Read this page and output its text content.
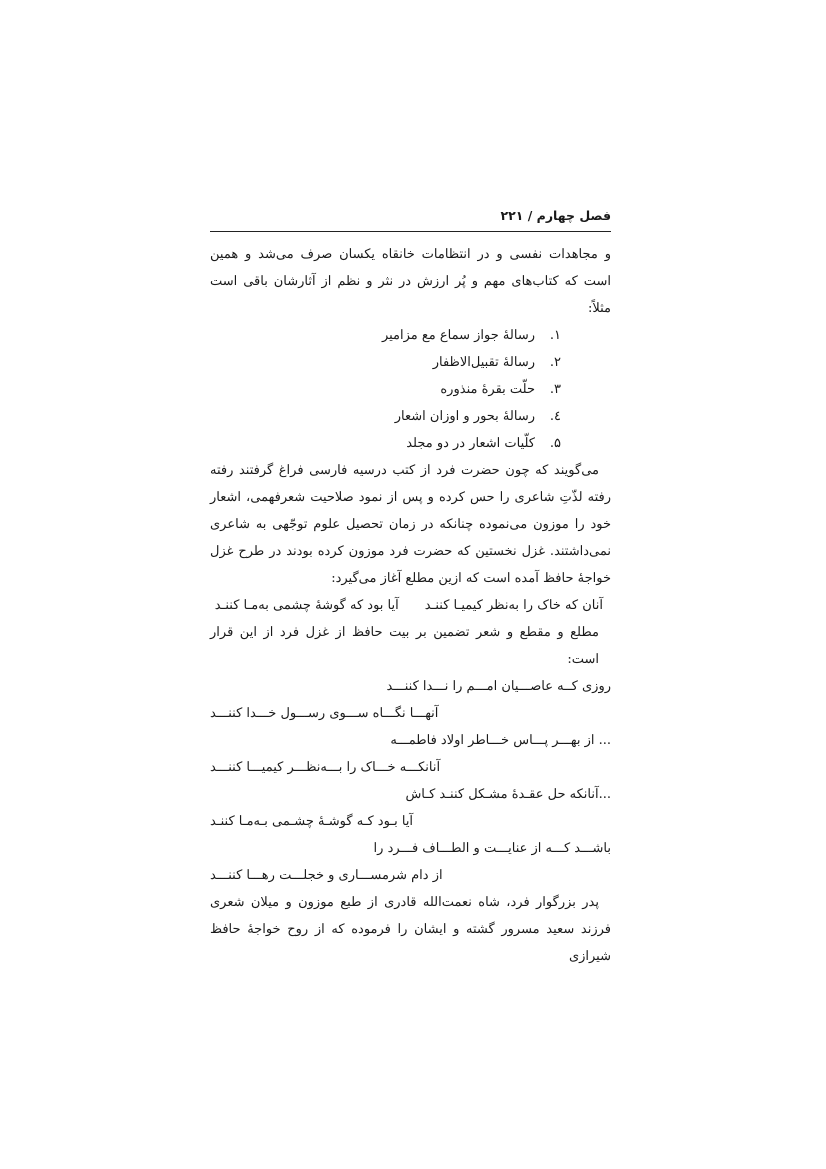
فصل چهارم / ۲۲۱

و مجاهدات نفسی و در انتظامات خانقاه یکسان صرف می‌شد و همین است که کتاب‌های مهم و پُر ارزش در نثر و نظم از آثارشان باقی است مثلاً:

۱.
رسالهٔ جواز سماع مع مزامیر
۲.
رسالهٔ تقبیل‌الاظفار
۳.
حلّت بقرهٔ منذوره
٤.
رسالهٔ بحور و اوزان اشعار
۵.
کلّیات اشعار در دو مجلد

می‌گویند که چون حضرت فرد از کتب درسیه فارسی فراغ گرفتند رفته رفته لذّتِ شاعری را حس کرده و پس از نمود صلاحیت شعرفهمی، اشعار خود را موزون می‌نموده چنانکه در زمان تحصیل علوم توجّهی به شاعری نمی‌داشتند. غزل نخستین که حضرت فرد موزون کرده بودند در طرح غزل خواجهٔ حافظ آمده است که ازین مطلع آغاز می‌گیرد:

آنان که خاک را به‌نظر کیمیـا کننـد
آیا بود که گوشهٔ چشمی به‌مـا کننـد

مطلع و مقطع و شعر تضمین بر بیت حافظ از غزل فرد از این قرار است:

روزی کــه عاصـــیان امـــم را نـــدا کننـــد

آنهـــا نگـــاه ســـوی رســـول خـــدا کننـــد

... از بهـــر پـــاس خـــاطر اولاد فاطمـــه

آنانکـــه خـــاک را بـــه‌نظـــر کیمیـــا کننـــد

...آنانکه حل عقـدهٔ مشـکل کننـد کـاش

آیا بـود کـه گوشـهٔ چشـمی بـه‌مـا کننـد

باشـــد کـــه از عنایـــت و الطـــاف فـــرد را

از دام شرمســـاری و خجلـــت رهـــا کننـــد

پدر بزرگوار فرد، شاه نعمت‌الله قادری از طبع موزون و میلان شعری فرزند سعید مسرور گشته و ایشان را فرموده که از روح خواجهٔ حافظ شیرازی
